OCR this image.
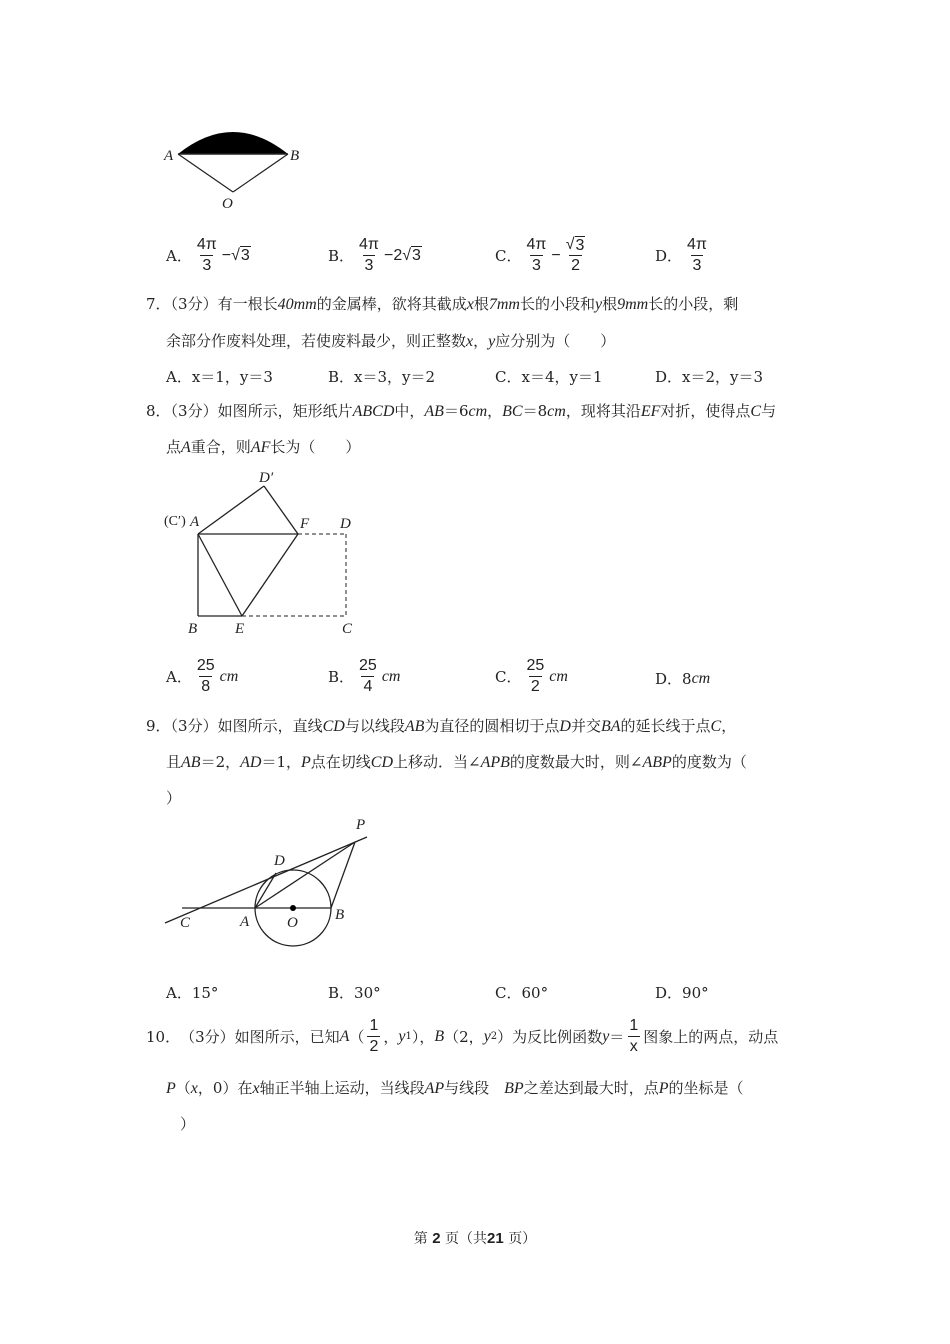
A	B
O
A． $\frac{4\pi}{3}$ − √ 3	B． $\frac{4\pi}{3} -2$ √ 3	C． $\frac{4\pi}{3} - \frac{√ 3}{2}$	D． $\frac{4\pi}{3}$
7．（3分）有一根长40mm的金属棒，欲将其截成x根7mm长的小段和y根9mm长的小段，剩
余部分作废料处理，若使废料最少，则正整数x，y应分别为（　　）
A． x＝1，y＝3	B． x＝3，y＝2	C． x＝4，y＝1	D． x＝2，y＝3
8．（3分）如图所示，矩形纸片ABCD中，AB＝6cm，BC＝8cm，现将其沿EF对折，使得点C与
点A重合，则AF长为（　　）
D′
(C′) A	F D
B	E	C
A． $\frac{25}{8}$ cm	B． $\frac{25}{4}$ cm	C． $\frac{25}{2}$ cm	D． 8 cm
9．（3分）如图所示，直线CD与以线段AB为直径的圆相切于点D并交BA的延长线于点C，
且AB＝2，AD＝1，P点在切线CD上移动．当∠APB的度数最大时，则∠ABP的度数为（
）
P
D
C	A	O B
A． 15°	B． 30°	C． 60°	D． 90°
10． （3分）如图所示，已知 A （ $\frac{1}{2}$ ， y 1 ）， B （2， y 2 ）为反比例函数 $y = \frac{1}{x}$ 图象上的两点，动点
P（x，0）在x轴正半轴上运动，当线段AP与线段　BP之差达到最大时，点P的坐标是（
）
第 2 页（共21 页）
